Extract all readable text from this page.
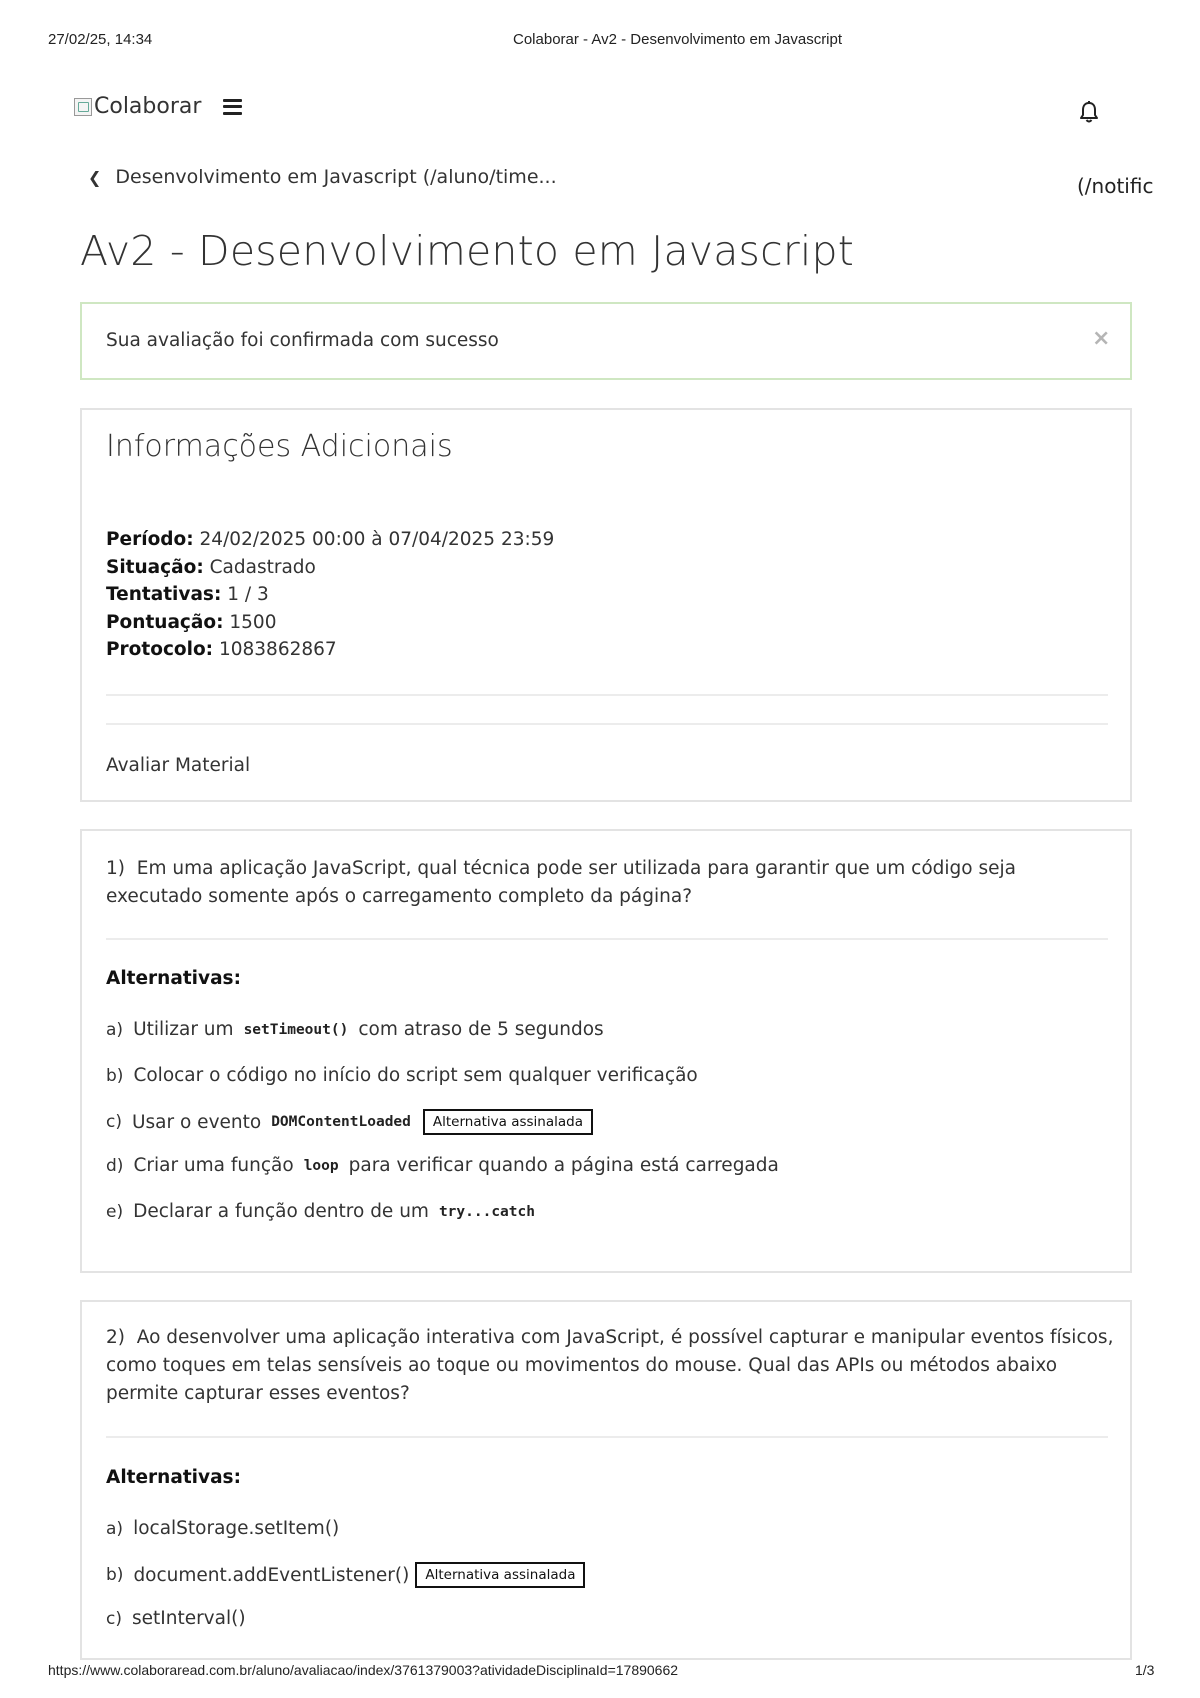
27/02/25, 14:34	Colaborar - Av2 - Desenvolvimento em Javascript
Colaborar
❮ Desenvolvimento em Javascript (/aluno/time...	(/notific
Av2 - Desenvolvimento em Javascript
Sua avaliação foi confirmada com sucesso	×
Informações Adicionais
Período: 24/02/2025 00:00 à 07/04/2025 23:59
Situação: Cadastrado
Tentativas: 1 / 3
Pontuação: 1500
Protocolo: 1083862867
Avaliar Material
1) Em uma aplicação JavaScript, qual técnica pode ser utilizada para garantir que um código seja executado somente após o carregamento completo da página?
Alternativas:
a) Utilizar um setTimeout() com atraso de 5 segundos
b) Colocar o código no início do script sem qualquer verificação
c) Usar o evento DOMContentLoaded	Alternativa assinalada
d) Criar uma função loop para verificar quando a página está carregada
e) Declarar a função dentro de um try...catch
2) Ao desenvolver uma aplicação interativa com JavaScript, é possível capturar e manipular eventos físicos, como toques em telas sensíveis ao toque ou movimentos do mouse. Qual das APIs ou métodos abaixo permite capturar esses eventos?
Alternativas:
a) localStorage.setItem()
b) document.addEventListener()	Alternativa assinalada
c) setInterval()
https://www.colaboraread.com.br/aluno/avaliacao/index/3761379003?atividadeDisciplinaId=17890662	1/3
